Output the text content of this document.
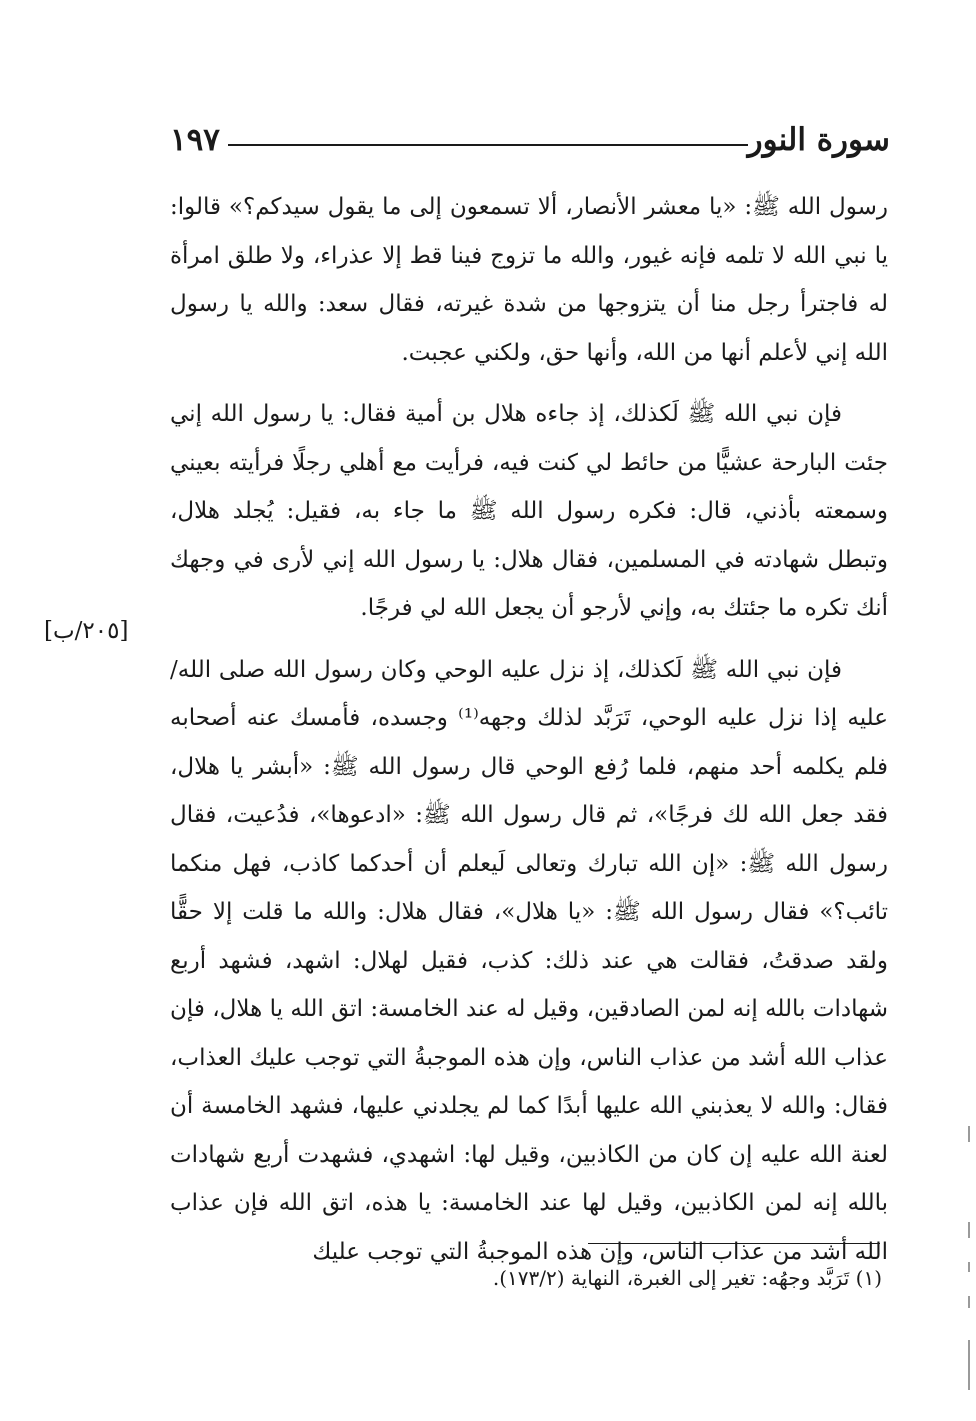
سورة النور
١٩٧
[٢٠٥/ب]

رسول الله ﷺ: «يا معشر الأنصار، ألا تسمعون إلى ما يقول سيدكم؟» قالوا: يا نبي الله لا تلمه فإنه غيور، والله ما تزوج فينا قط إلا عذراء، ولا طلق امرأة له فاجترأ رجل منا أن يتزوجها من شدة غيرته، فقال سعد: والله يا رسول الله إني لأعلم أنها من الله، وأنها حق، ولكني عجبت.

فإن نبي الله ﷺ لَكذلك، إذ جاءه هلال بن أمية فقال: يا رسول الله إني جئت البارحة عشيًّا من حائط لي كنت فيه، فرأيت مع أهلي رجلًا فرأيته بعيني وسمعته بأذني، قال: فكره رسول الله ﷺ ما جاء به، فقيل: يُجلد هلال، وتبطل شهادته في المسلمين، فقال هلال: يا رسول الله إني لأرى في وجهك أنك تكره ما جئتك به، وإني لأرجو أن يجعل الله لي فرجًا.

فإن نبي الله ﷺ لَكذلك، إذ نزل عليه الوحي وكان رسول الله صلى الله/ عليه إذا نزل عليه الوحي، تَرَبَّد لذلك وجهه⁽¹⁾ وجسده، فأمسك عنه أصحابه فلم يكلمه أحد منهم، فلما رُفع الوحي قال رسول الله ﷺ: «أبشر يا هلال، فقد جعل الله لك فرجًا»، ثم قال رسول الله ﷺ: «ادعوها»، فدُعيت، فقال رسول الله ﷺ: «إن الله تبارك وتعالى لَيعلم أن أحدكما كاذب، فهل منكما تائب؟» فقال رسول الله ﷺ: «يا هلال»، فقال هلال: والله ما قلت إلا حقًّا ولقد صدقتُ، فقالت هي عند ذلك: كذب، فقيل لهلال: اشهد، فشهد أربع شهادات بالله إنه لمن الصادقين، وقيل له عند الخامسة: اتق الله يا هلال، فإن عذاب الله أشد من عذاب الناس، وإن هذه الموجبةُ التي توجب عليك العذاب، فقال: والله لا يعذبني الله عليها أبدًا كما لم يجلدني عليها، فشهد الخامسة أن لعنة الله عليه إن كان من الكاذبين، وقيل لها: اشهدي، فشهدت أربع شهادات بالله إنه لمن الكاذبين، وقيل لها عند الخامسة: يا هذه، اتق الله فإن عذاب الله أشد من عذاب الناس، وإن هذه الموجبةُ التي توجب عليك

(١) تَرَبَّد وجهُه: تغير إلى الغبرة، النهاية (١٧٣/٢).
